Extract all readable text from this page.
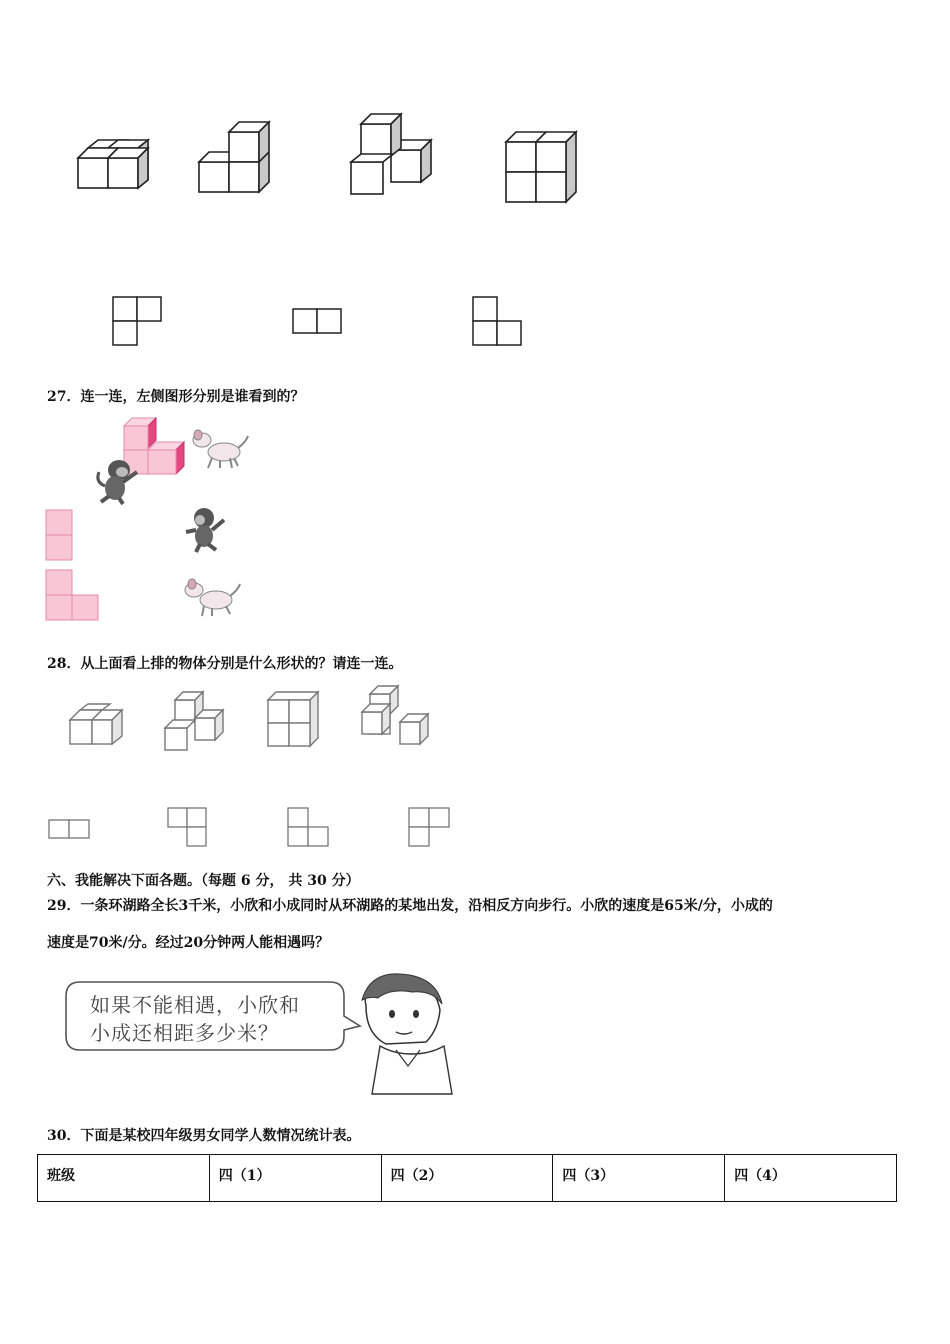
27．连一连，左侧图形分别是谁看到的？
28．从上面看上排的物体分别是什么形状的？请连一连。
六、我能解决下面各题。（每题 6 分， 共 30 分）
29．一条环湖路全长3千米，小欣和小成同时从环湖路的某地出发，沿相反方向步行。小欣的速度是65米/分，小成的
速度是70米/分。经过20分钟两人能相遇吗？
如果不能相遇，小欣和
小成还相距多少米？
30．下面是某校四年级男女同学人数情况统计表。
班级	四（1）	四（2）	四（3）	四（4）
